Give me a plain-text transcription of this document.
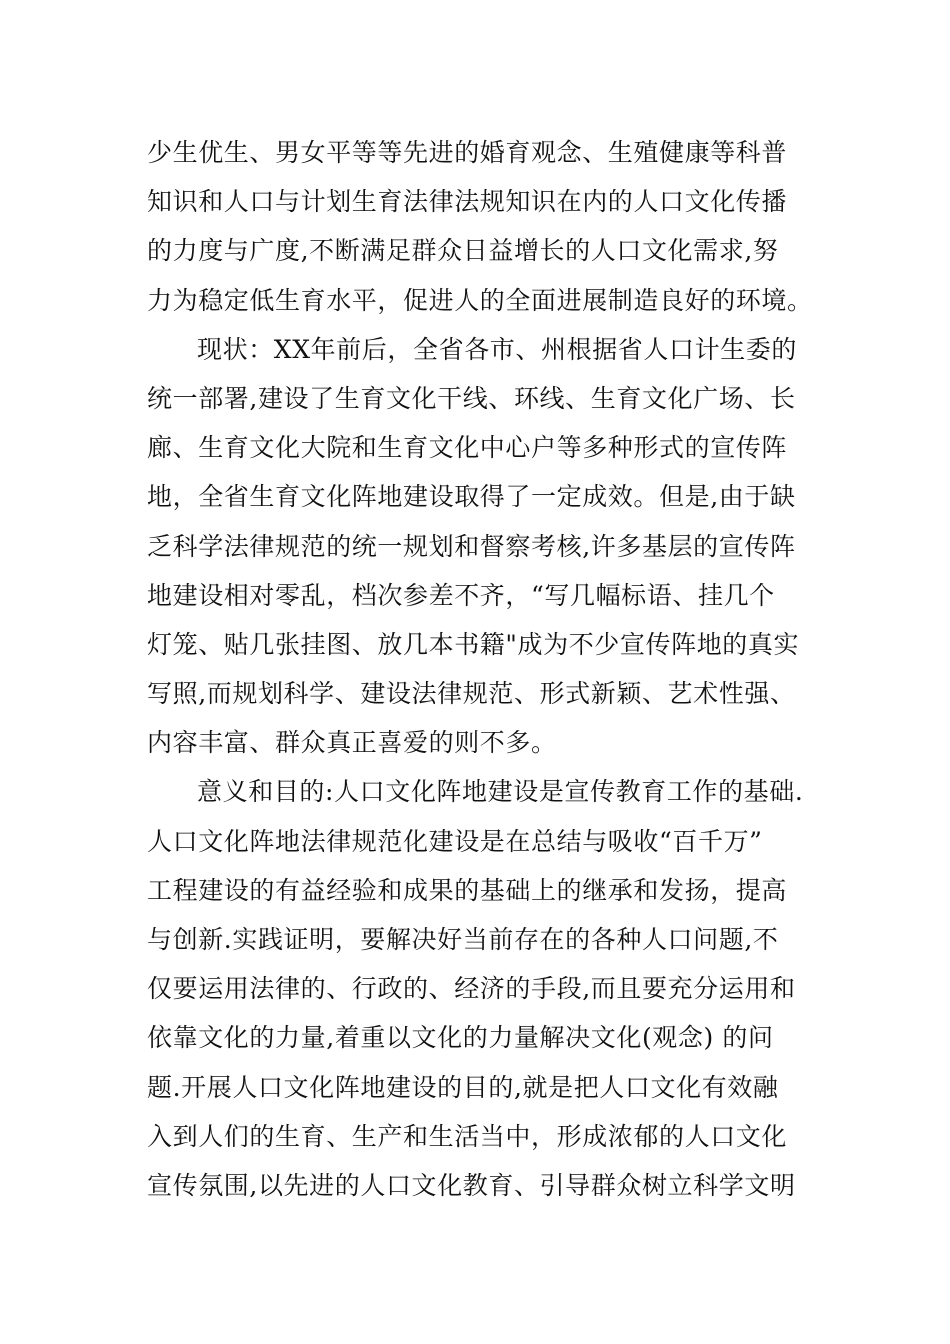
少生优生、男女平等等先进的婚育观念、生殖健康等科普
知识和人口与计划生育法律法规知识在内的人口文化传播
的力度与广度,不断满足群众日益增长的人口文化需求,努
力为稳定低生育水平，促进人的全面进展制造良好的环境。
现状：XX年前后，全省各市、州根据省人口计生委的
统一部署,建设了生育文化干线、环线、生育文化广场、长
廊、生育文化大院和生育文化中心户等多种形式的宣传阵
地，全省生育文化阵地建设取得了一定成效。但是,由于缺
乏科学法律规范的统一规划和督察考核,许多基层的宣传阵
地建设相对零乱，档次参差不齐，“写几幅标语、挂几个
灯笼、贴几张挂图、放几本书籍"成为不少宣传阵地的真实
写照,而规划科学、建设法律规范、形式新颖、艺术性强、
内容丰富、群众真正喜爱的则不多。
意义和目的:人口文化阵地建设是宣传教育工作的基础.
人口文化阵地法律规范化建设是在总结与吸收“百千万”
工程建设的有益经验和成果的基础上的继承和发扬，提高
与创新.实践证明，要解决好当前存在的各种人口问题,不
仅要运用法律的、行政的、经济的手段,而且要充分运用和
依靠文化的力量,着重以文化的力量解决文化(观念) 的问
题.开展人口文化阵地建设的目的,就是把人口文化有效融
入到人们的生育、生产和生活当中，形成浓郁的人口文化
宣传氛围,以先进的人口文化教育、引导群众树立科学文明
